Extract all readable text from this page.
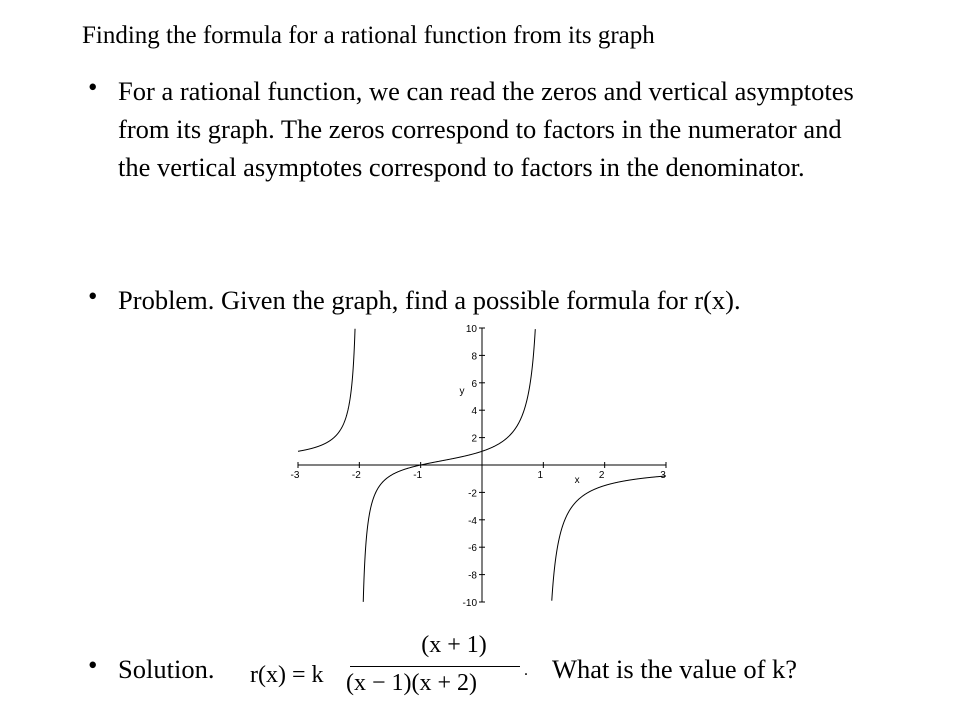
Finding the formula for a rational function from its graph
• For a rational function, we can read the zeros and vertical asymptotes from its graph. The zeros correspond to factors in the numerator and the vertical asymptotes correspond to factors in the denominator.
• Problem. Given the graph, find a possible formula for r(x).
-3	-2	-1	1	2	3
10
8
6
4
2
-2
-4
-6
-8
-10
x
y
• Solution.	r(x) = k
(x + 1)
(x − 1)(x + 2)	. What is the value of k?
